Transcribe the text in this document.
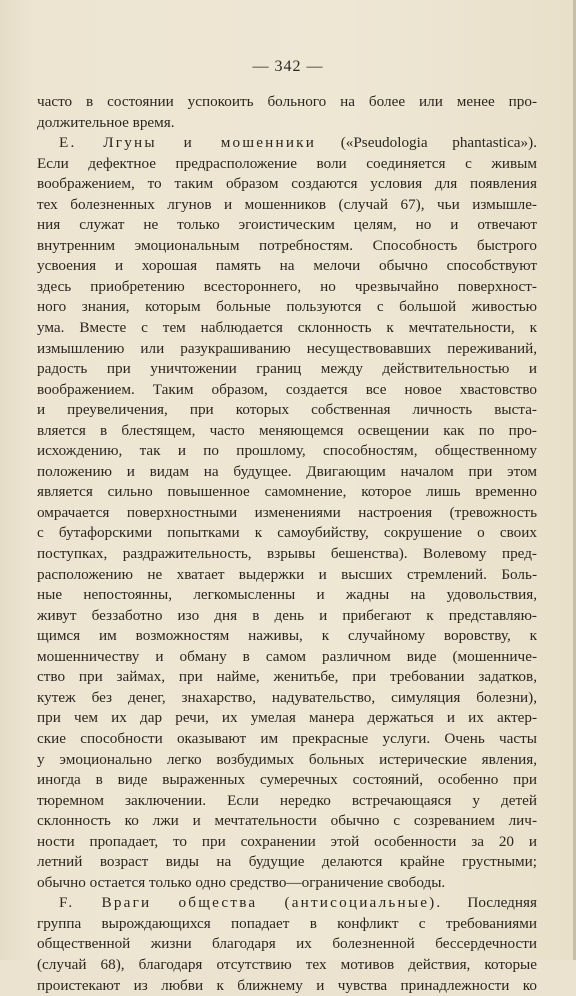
— 342 —
часто в состоянии успокоить больного на более или менее про-
должительное время.
Е. Лгуны и мошенники («Pseudologia phantastica»).
Если дефектное предрасположение воли соединяется с живым
воображением, то таким образом создаются условия для появления
тех болезненных лгунов и мошенников (случай 67), чьи измышле-
ния служат не только эгоистическим целям, но и отвечают
внутренним эмоциональным потребностям. Способность быстрого
усвоения и хорошая память на мелочи обычно способствуют
здесь приобретению всестороннего, но чрезвычайно поверхност-
ного знания, которым больные пользуются с большой живостью
ума. Вместе с тем наблюдается склонность к мечтательности, к
измышлению или разукрашиванию несуществовавших переживаний,
радость при уничтожении границ между действительностью и
воображением. Таким образом, создается все новое хвастовство
и преувеличения, при которых собственная личность выста-
вляется в блестящем, часто меняющемся освещении как по про-
исхождению, так и по прошлому, способностям, общественному
положению и видам на будущее. Двигающим началом при этом
является сильно повышенное самомнение, которое лишь временно
омрачается поверхностными изменениями настроения (тревожность
с бутафорскими попытками к самоубийству, сокрушение о своих
поступках, раздражительность, взрывы бешенства). Волевому пред-
расположению не хватает выдержки и высших стремлений. Боль-
ные непостоянны, легкомысленны и жадны на удовольствия,
живут беззаботно изо дня в день и прибегают к представляю-
щимся им возможностям наживы, к случайному воровству, к
мошенничеству и обману в самом различном виде (мошенниче-
ство при займах, при найме, женитьбе, при требовании задатков,
кутеж без денег, знахарство, надувательство, симуляция болезни),
при чем их дар речи, их умелая манера держаться и их актер-
ские способности оказывают им прекрасные услуги. Очень часты
у эмоционально легко возбудимых больных истерические явления,
иногда в виде выраженных сумеречных состояний, особенно при
тюремном заключении. Если нередко встречающаяся у детей
склонность ко лжи и мечтательности обычно с созреванием лич-
ности пропадает, то при сохранении этой особенности за 20 и
летний возраст виды на будущие делаются крайне грустными;
обычно остается только одно средство—ограничение свободы.
F. Враги общества (антисоциальные). Последняя
группа вырождающихся попадает в конфликт с требованиями
общественной жизни благодаря их болезненной бессердечности
(случай 68), благодаря отсутствию тех мотивов действия, которые
проистекают из любви к ближнему и чувства принадлежности ко
